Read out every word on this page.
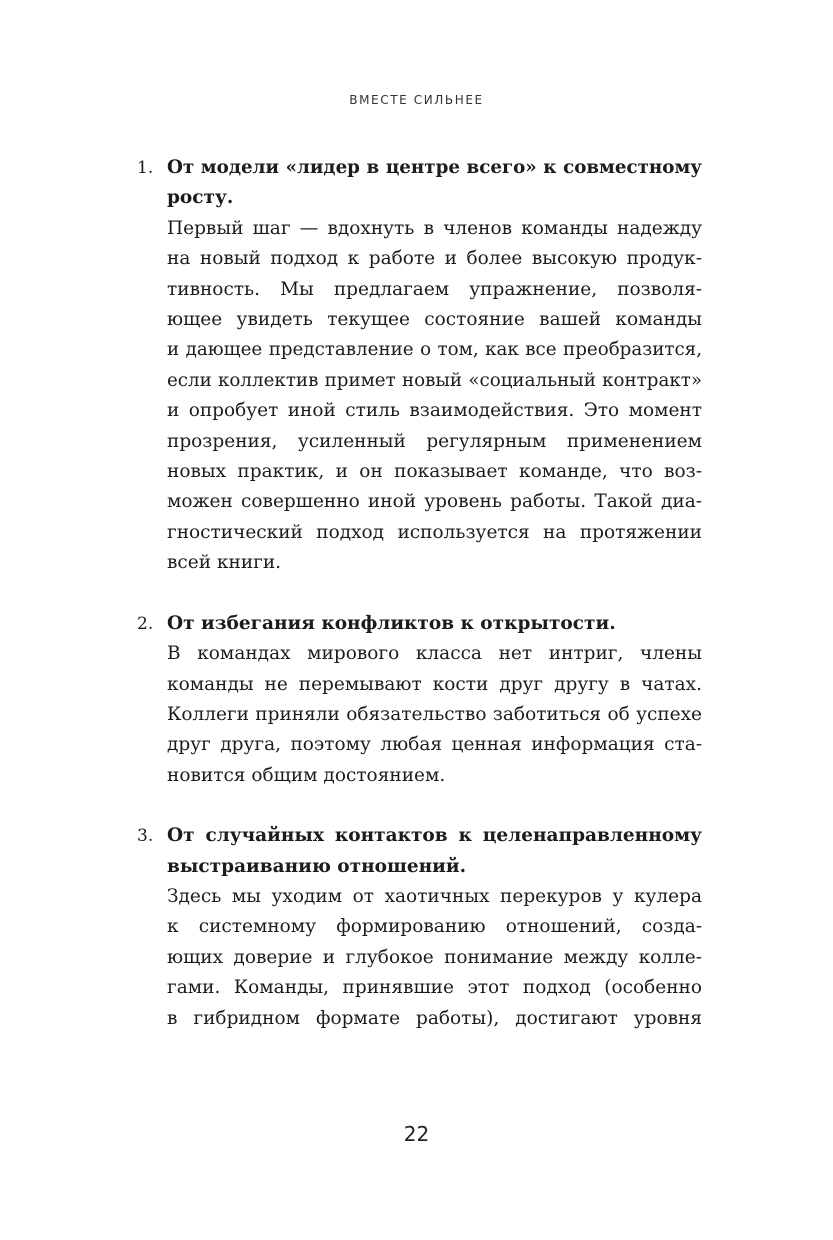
ВМЕСТЕ СИЛЬНЕЕ
1. От модели «лидер в центре всего» к совместному
росту.
Первый шаг — вдохнуть в членов команды надежду
на новый подход к работе и более высокую продук-
тивность. Мы предлагаем упражнение, позволя-
ющее увидеть текущее состояние вашей команды
и дающее представление о том, как все преобразится,
если коллектив примет новый «социальный контракт»
и опробует иной стиль взаимодействия. Это момент
прозрения, усиленный регулярным применением
новых практик, и он показывает команде, что воз-
можен совершенно иной уровень работы. Такой диа-
гностический подход используется на протяжении
всей книги.
2. От избегания конфликтов к открытости.
В командах мирового класса нет интриг, члены
команды не перемывают кости друг другу в чатах.
Коллеги приняли обязательство заботиться об успехе
друг друга, поэтому любая ценная информация ста-
новится общим достоянием.
3. От случайных контактов к целенаправленному
выстраиванию отношений.
Здесь мы уходим от хаотичных перекуров у кулера
к системному формированию отношений, созда-
ющих доверие и глубокое понимание между колле-
гами. Команды, принявшие этот подход (особенно
в гибридном формате работы), достигают уровня
22
